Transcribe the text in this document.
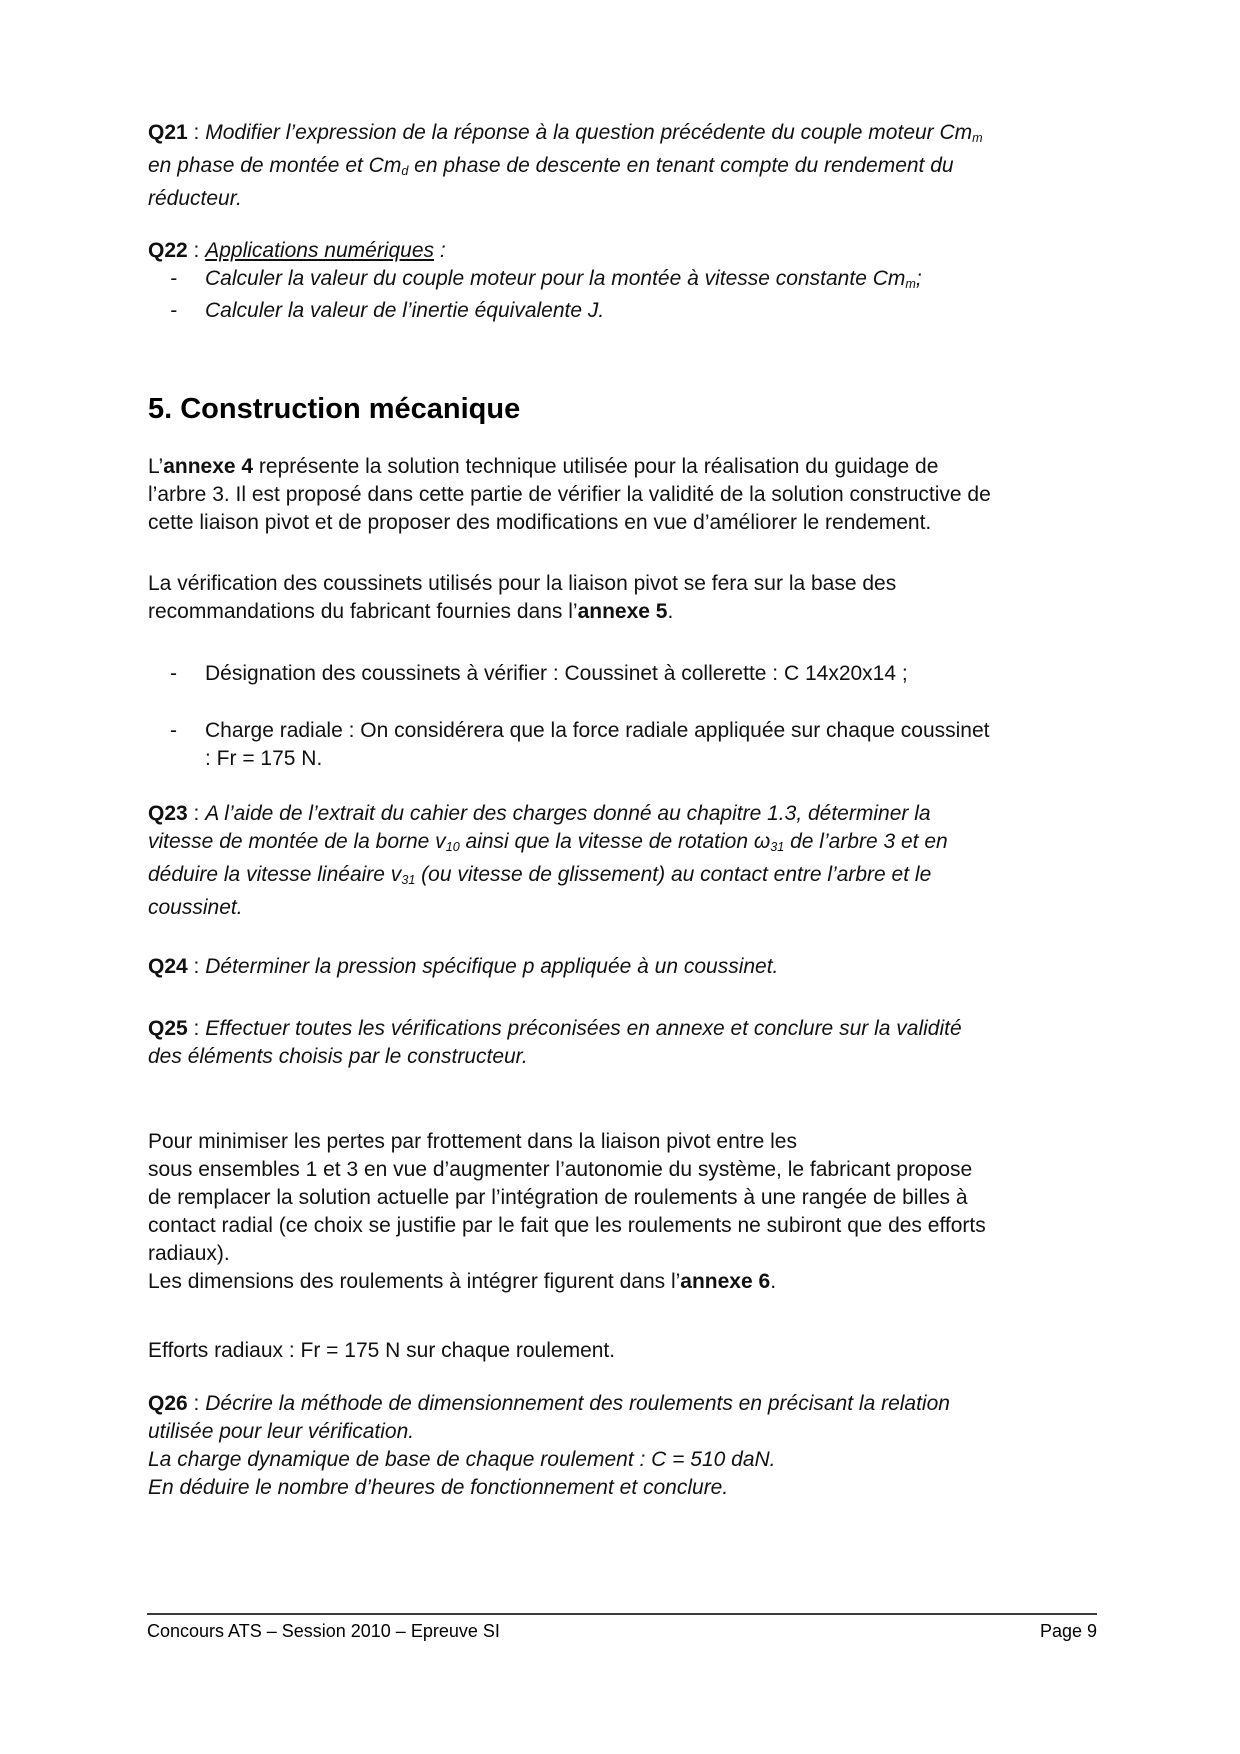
Q21 : Modifier l’expression de la réponse à la question précédente du couple moteur $Cm_m$ en phase de montée et $Cm_d$ en phase de descente en tenant compte du rendement du réducteur.

Q22 : Applications numériques :

-	Calculer la valeur du couple moteur pour la montée à vitesse constante $Cm_m$;
-	Calculer la valeur de l’inertie équivalente J.
5. Construction mécanique

L’annexe 4 représente la solution technique utilisée pour la réalisation du guidage de l’arbre 3. Il est proposé dans cette partie de vérifier la validité de la solution constructive de cette liaison pivot et de proposer des modifications en vue d’améliorer le rendement.

La vérification des coussinets utilisés pour la liaison pivot se fera sur la base des recommandations du fabricant fournies dans l’annexe 5.

-	Désignation des coussinets à vérifier : Coussinet à collerette : C 14x20x14 ;
-	Charge radiale : On considérera que la force radiale appliquée sur chaque coussinet : Fr = 175 N.

Q23 : A l’aide de l’extrait du cahier des charges donné au chapitre 1.3, déterminer la vitesse de montée de la borne $v_{10}$ ainsi que la vitesse de rotation $\omega_{31}$ de l’arbre 3 et en déduire la vitesse linéaire $v_{31}$ (ou vitesse de glissement) au contact entre l’arbre et le coussinet.

Q24 : Déterminer la pression spécifique p appliquée à un coussinet.

Q25 : Effectuer toutes les vérifications préconisées en annexe et conclure sur la validité des éléments choisis par le constructeur.

Pour minimiser les pertes par frottement dans la liaison pivot entre les
sous ensembles 1 et 3 en vue d’augmenter l’autonomie du système, le fabricant propose de remplacer la solution actuelle par l’intégration de roulements à une rangée de billes à contact radial (ce choix se justifie par le fait que les roulements ne subiront que des efforts radiaux).
Les dimensions des roulements à intégrer figurent dans l’annexe 6.

Efforts radiaux : Fr = 175 N sur chaque roulement.

Q26 : Décrire la méthode de dimensionnement des roulements en précisant la relation utilisée pour leur vérification.
La charge dynamique de base de chaque roulement : C = 510 daN.
En déduire le nombre d’heures de fonctionnement et conclure.

Concours ATS – Session 2010 – Epreuve SI	Page 9
